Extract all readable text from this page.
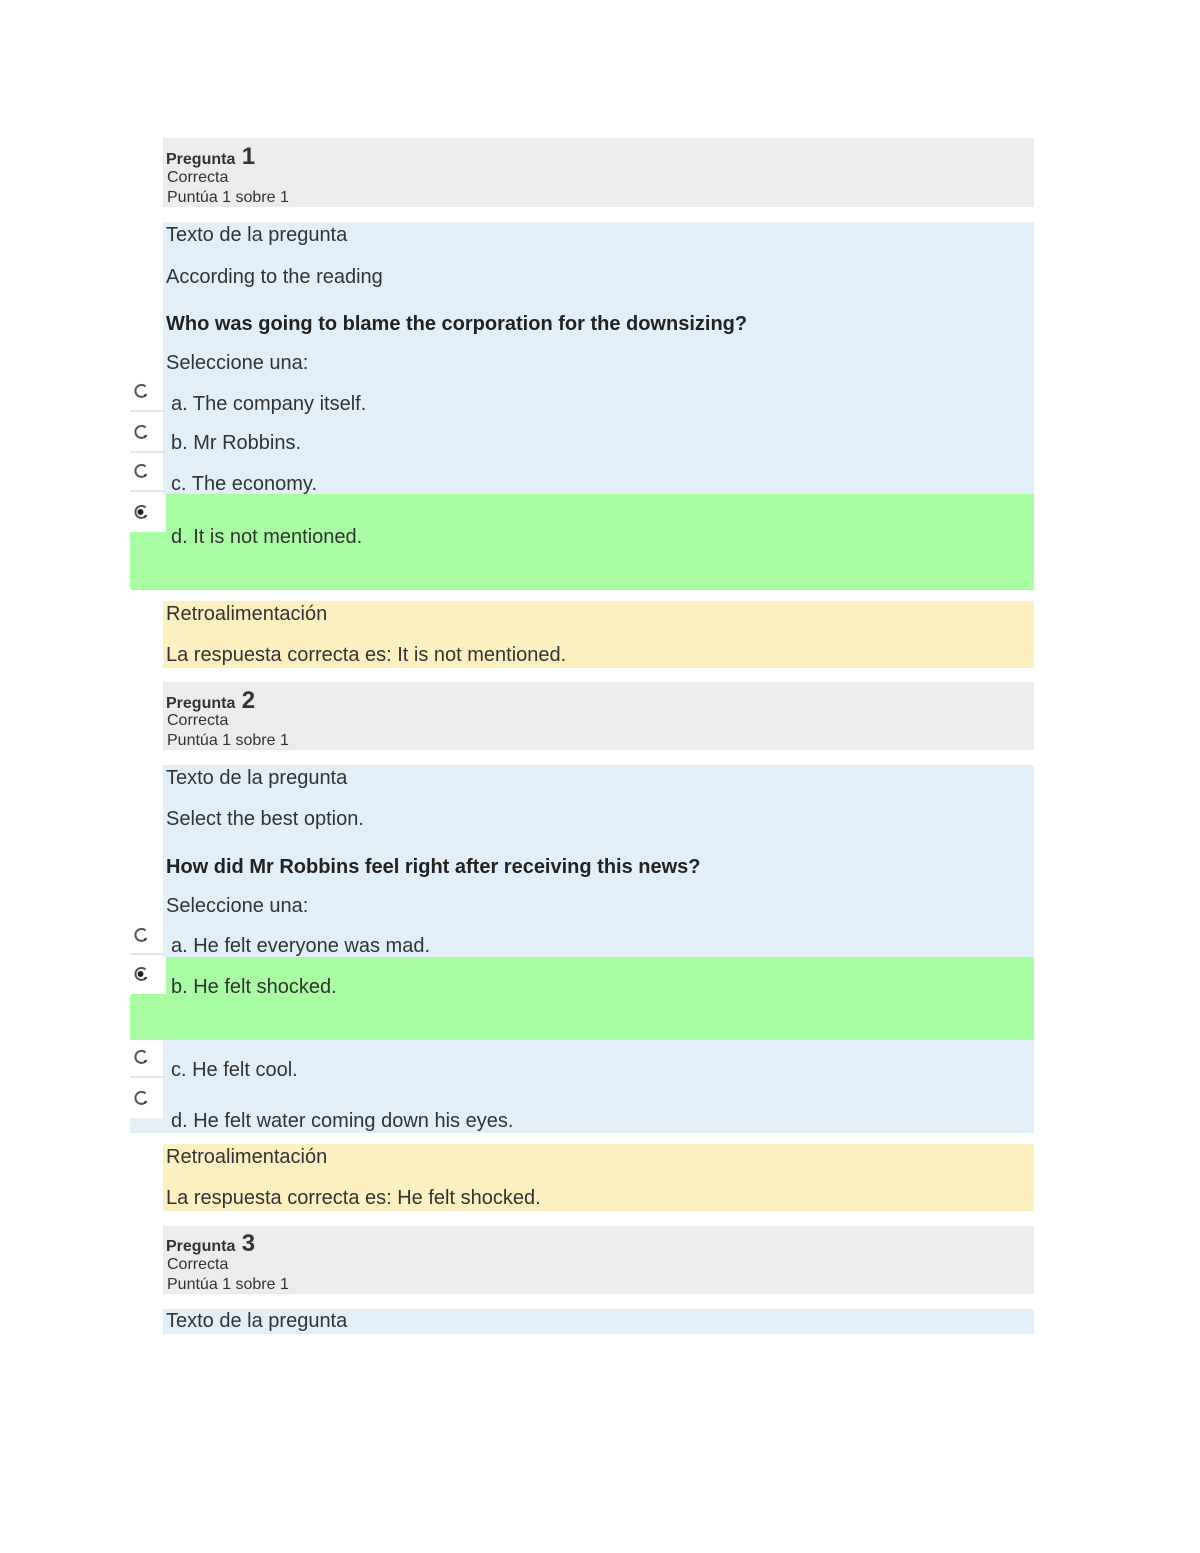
Pregunta 1
Correcta
Puntúa 1 sobre 1
Texto de la pregunta
According to the reading
Who was going to blame the corporation for the downsizing?
Seleccione una:
a. The company itself.
b. Mr Robbins.
c. The economy.
d. It is not mentioned.
Retroalimentación
La respuesta correcta es: It is not mentioned.
Pregunta 2
Correcta
Puntúa 1 sobre 1
Texto de la pregunta
Select the best option.
How did Mr Robbins feel right after receiving this news?
Seleccione una:
a. He felt everyone was mad.
b. He felt shocked.
c. He felt cool.
d. He felt water coming down his eyes.
Retroalimentación
La respuesta correcta es: He felt shocked.
Pregunta 3
Correcta
Puntúa 1 sobre 1
Texto de la pregunta
